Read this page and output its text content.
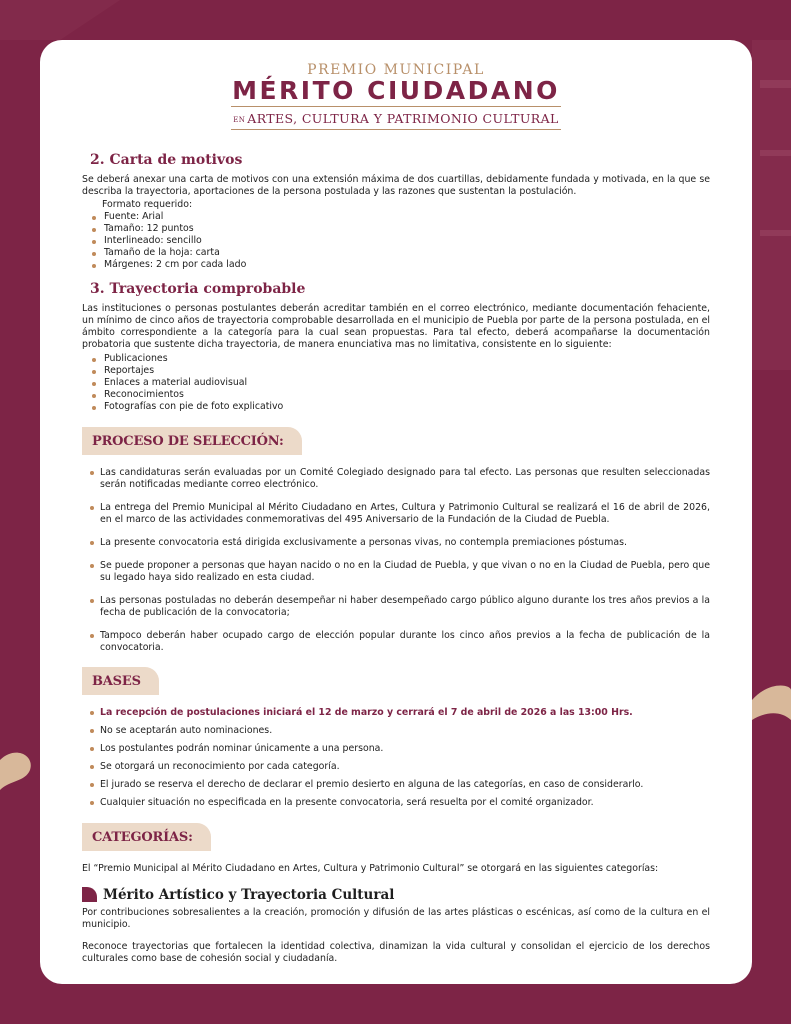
PREMIO MUNICIPAL
MÉRITO CIUDADANO
EN ARTES, CULTURA Y PATRIMONIO CULTURAL
2. Carta de motivos

Se deberá anexar una carta de motivos con una extensión máxima de dos cuartillas, debidamente fundada y motivada, en la que se describa la trayectoria, aportaciones de la persona postulada y las razones que sustentan la postulación.

Formato requerido:
Fuente: Arial
Tamaño: 12 puntos
Interlineado: sencillo
Tamaño de la hoja: carta
Márgenes: 2 cm por cada lado
3. Trayectoria comprobable

Las instituciones o personas postulantes deberán acreditar también en el correo electrónico, mediante documentación fehaciente, un mínimo de cinco años de trayectoria comprobable desarrollada en el municipio de Puebla por parte de la persona postulada, en el ámbito correspondiente a la categoría para la cual sean propuestas. Para tal efecto, deberá acompañarse la documentación probatoria que sustente dicha trayectoria, de manera enunciativa mas no limitativa, consistente en lo siguiente:

Publicaciones
Reportajes
Enlaces a material audiovisual
Reconocimientos
Fotografías con pie de foto explicativo
PROCESO DE SELECCIÓN:
Las candidaturas serán evaluadas por un Comité Colegiado designado para tal efecto. Las personas que resulten seleccionadas serán notificadas mediante correo electrónico.
La entrega del Premio Municipal al Mérito Ciudadano en Artes, Cultura y Patrimonio Cultural se realizará el 16 de abril de 2026, en el marco de las actividades conmemorativas del 495 Aniversario de la Fundación de la Ciudad de Puebla.
La presente convocatoria está dirigida exclusivamente a personas vivas, no contempla premiaciones póstumas.
Se puede proponer a personas que hayan nacido o no en la Ciudad de Puebla, y que vivan o no en la Ciudad de Puebla, pero que su legado haya sido realizado en esta ciudad.
Las personas postuladas no deberán desempeñar ni haber desempeñado cargo público alguno durante los tres años previos a la fecha de publicación de la convocatoria;
Tampoco deberán haber ocupado cargo de elección popular durante los cinco años previos a la fecha de publicación de la convocatoria.
BASES
La recepción de postulaciones iniciará el 12 de marzo y cerrará el 7 de abril de 2026 a las 13:00 Hrs.
No se aceptarán auto nominaciones.
Los postulantes podrán nominar únicamente a una persona.
Se otorgará un reconocimiento por cada categoría.
El jurado se reserva el derecho de declarar el premio desierto en alguna de las categorías, en caso de considerarlo.
Cualquier situación no especificada en la presente convocatoria, será resuelta por el comité organizador.
CATEGORÍAS:

El “Premio Municipal al Mérito Ciudadano en Artes, Cultura y Patrimonio Cultural” se otorgará en las siguientes categorías:

Mérito Artístico y Trayectoria Cultural

Por contribuciones sobresalientes a la creación, promoción y difusión de las artes plásticas o escénicas, así como de la cultura en el municipio.

Reconoce trayectorias que fortalecen la identidad colectiva, dinamizan la vida cultural y consolidan el ejercicio de los derechos culturales como base de cohesión social y ciudadanía.
